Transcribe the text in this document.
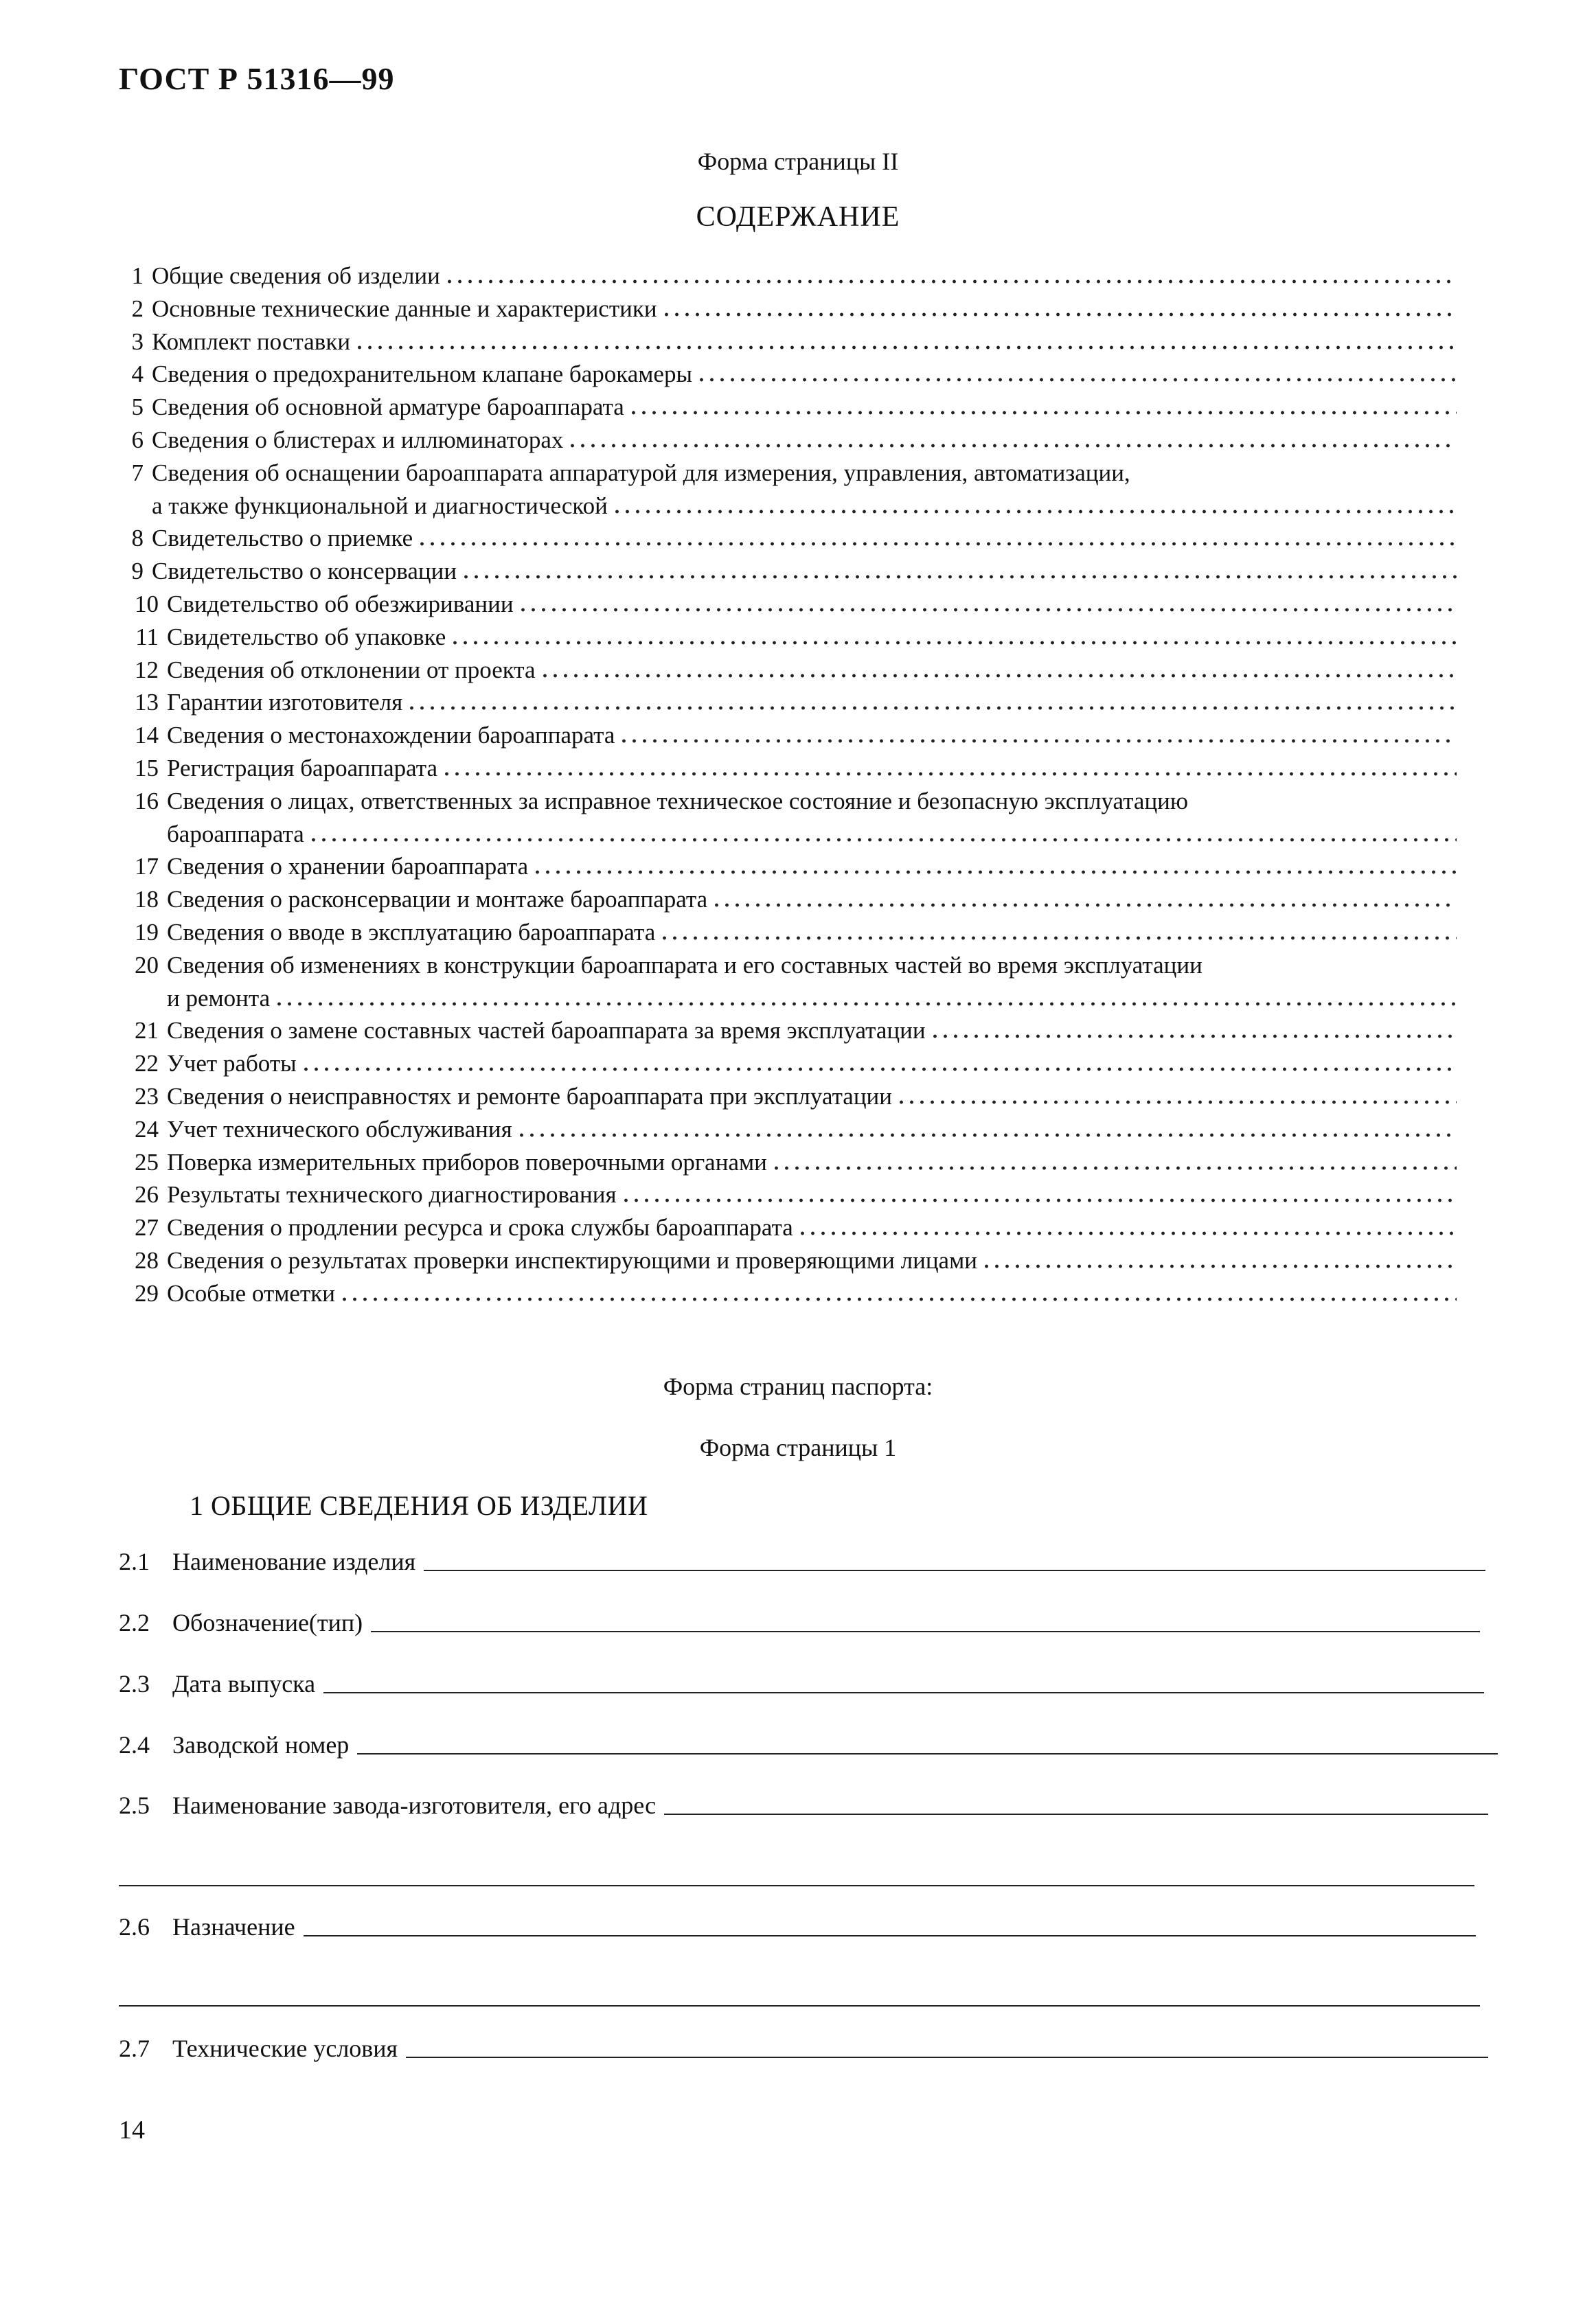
ГОСТ Р 51316—99
Форма страницы II
СОДЕРЖАНИЕ
1 Общие сведения об изделии
2 Основные технические данные и характеристики
3 Комплект поставки
4 Сведения о предохранительном клапане барокамеры
5 Сведения об основной арматуре бароаппарата
6 Сведения о блистерах и иллюминаторах
7 Сведения об оснащении бароаппарата аппаратурой для измерения, управления, автоматизации,
а также функциональной и диагностической
8 Свидетельство о приемке
9 Свидетельство о консервации
10 Свидетельство об обезжиривании
11 Свидетельство об упаковке
12 Сведения об отклонении от проекта
13 Гарантии изготовителя
14 Сведения о местонахождении бароаппарата
15 Регистрация бароаппарата
16 Сведения о лицах, ответственных за исправное техническое состояние и безопасную эксплуатацию
бароаппарата
17 Сведения о хранении бароаппарата
18 Сведения о расконсервации и монтаже бароаппарата
19 Сведения о вводе в эксплуатацию бароаппарата
20 Сведения об изменениях в конструкции бароаппарата и его составных частей во время эксплуатации
и ремонта
21 Сведения о замене составных частей бароаппарата за время эксплуатации
22 Учет работы
23 Сведения о неисправностях и ремонте бароаппарата при эксплуатации
24 Учет технического обслуживания
25 Поверка измерительных приборов поверочными органами
26 Результаты технического диагностирования
27 Сведения о продлении ресурса и срока службы бароаппарата
28 Сведения о результатах проверки инспектирующими и проверяющими лицами
29 Особые отметки
Форма страниц паспорта:
Форма страницы 1
1 ОБЩИЕ СВЕДЕНИЯ ОБ ИЗДЕЛИИ
2.1 Наименование изделия
2.2 Обозначение(тип)
2.3 Дата выпуска
2.4 Заводской номер
2.5 Наименование завода-изготовителя, его адрес
2.6 Назначение
2.7 Технические условия
14
